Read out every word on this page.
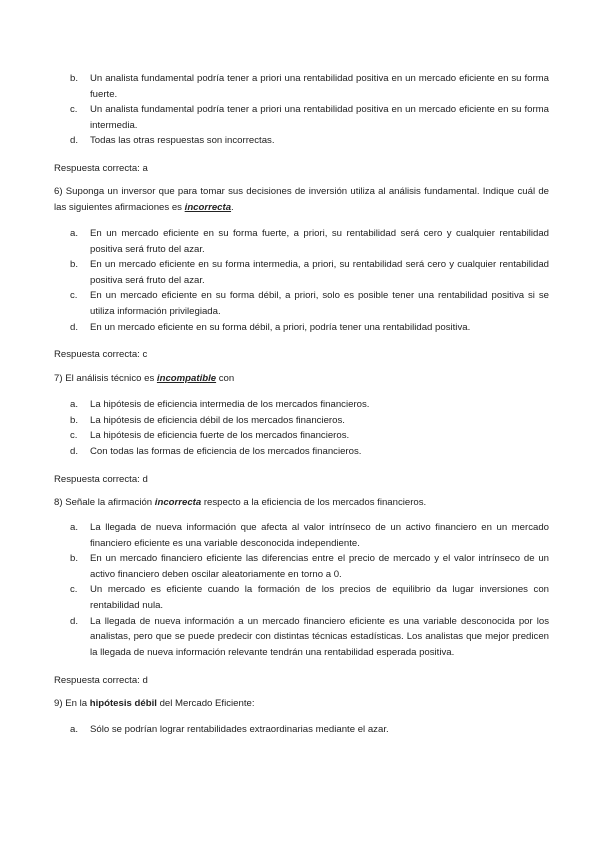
b. Un analista fundamental podría tener a priori una rentabilidad positiva en un mercado eficiente en su forma fuerte.
c. Un analista fundamental podría tener a priori una rentabilidad positiva en un mercado eficiente en su forma intermedia.
d. Todas las otras respuestas son incorrectas.
Respuesta correcta: a
6) Suponga un inversor que para tomar sus decisiones de inversión utiliza al análisis fundamental. Indique cuál de las siguientes afirmaciones es incorrecta.
a. En un mercado eficiente en su forma fuerte, a priori, su rentabilidad será cero y cualquier rentabilidad positiva será fruto del azar.
b. En un mercado eficiente en su forma intermedia, a priori, su rentabilidad será cero y cualquier rentabilidad positiva será fruto del azar.
c. En un mercado eficiente en su forma débil, a priori, solo es posible tener una rentabilidad positiva si se utiliza información privilegiada.
d. En un mercado eficiente en su forma débil, a priori, podría tener una rentabilidad positiva.
Respuesta correcta: c
7) El análisis técnico es incompatible con
a. La hipótesis de eficiencia intermedia de los mercados financieros.
b. La hipótesis de eficiencia débil de los mercados financieros.
c. La hipótesis de eficiencia fuerte de los mercados financieros.
d. Con todas las formas de eficiencia de los mercados financieros.
Respuesta correcta: d
8) Señale la afirmación incorrecta respecto a la eficiencia de los mercados financieros.
a. La llegada de nueva información que afecta al valor intrínseco de un activo financiero en un mercado financiero eficiente es una variable desconocida independiente.
b. En un mercado financiero eficiente las diferencias entre el precio de mercado y el valor intrínseco de un activo financiero deben oscilar aleatoriamente en torno a 0.
c. Un mercado es eficiente cuando la formación de los precios de equilibrio da lugar inversiones con rentabilidad nula.
d. La llegada de nueva información a un mercado financiero eficiente es una variable desconocida por los analistas, pero que se puede predecir con distintas técnicas estadísticas. Los analistas que mejor predicen la llegada de nueva información relevante tendrán una rentabilidad esperada positiva.
Respuesta correcta: d
9) En la hipótesis débil del Mercado Eficiente:
a. Sólo se podrían lograr rentabilidades extraordinarias mediante el azar.
